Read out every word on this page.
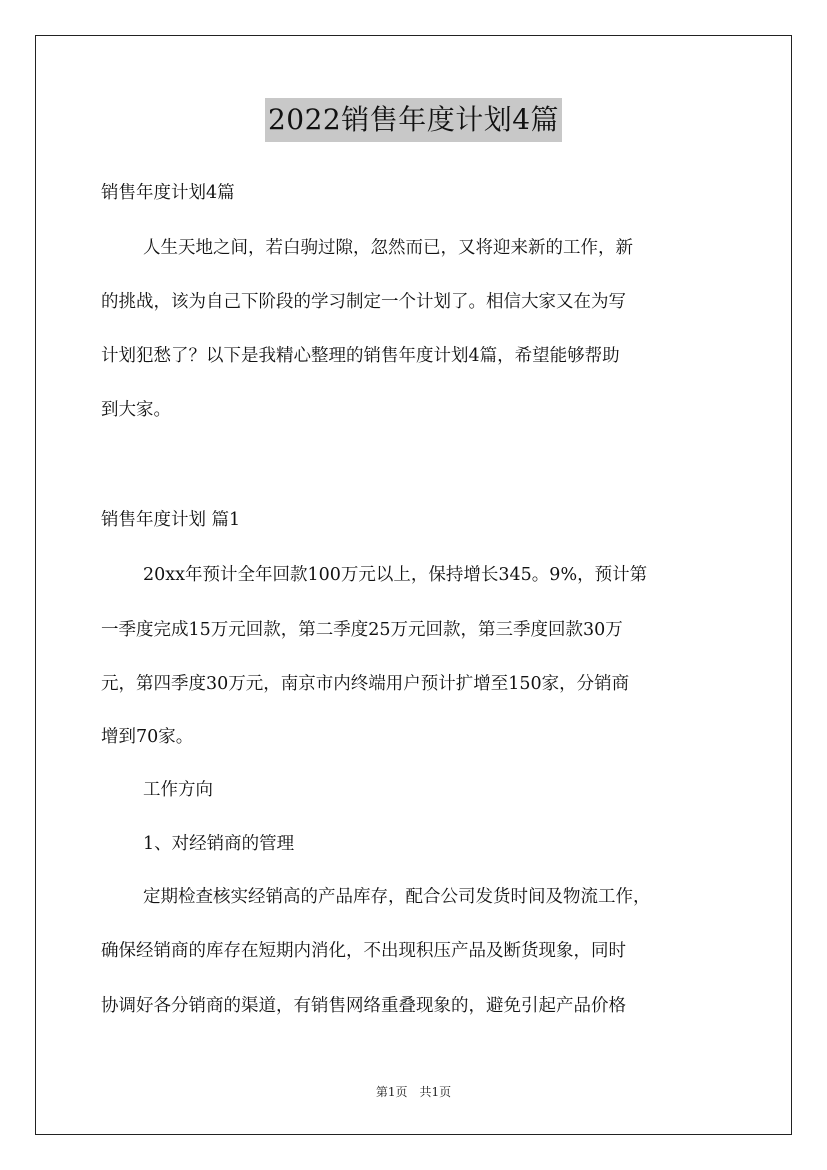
2022销售年度计划4篇
销售年度计划4篇
人生天地之间，若白驹过隙，忽然而已，又将迎来新的工作，新
的挑战，该为自己下阶段的学习制定一个计划了。相信大家又在为写
计划犯愁了？以下是我精心整理的销售年度计划4篇，希望能够帮助
到大家。
销售年度计划 篇1
20xx年预计全年回款100万元以上，保持增长345。9%，预计第
一季度完成15万元回款，第二季度25万元回款，第三季度回款30万
元，第四季度30万元，南京市内终端用户预计扩增至150家，分销商
增到70家。
工作方向
1、对经销商的管理
定期检查核实经销高的产品库存，配合公司发货时间及物流工作，
确保经销商的库存在短期内消化，不出现积压产品及断货现象，同时
协调好各分销商的渠道，有销售网络重叠现象的，避免引起产品价格
第1页　共1页
